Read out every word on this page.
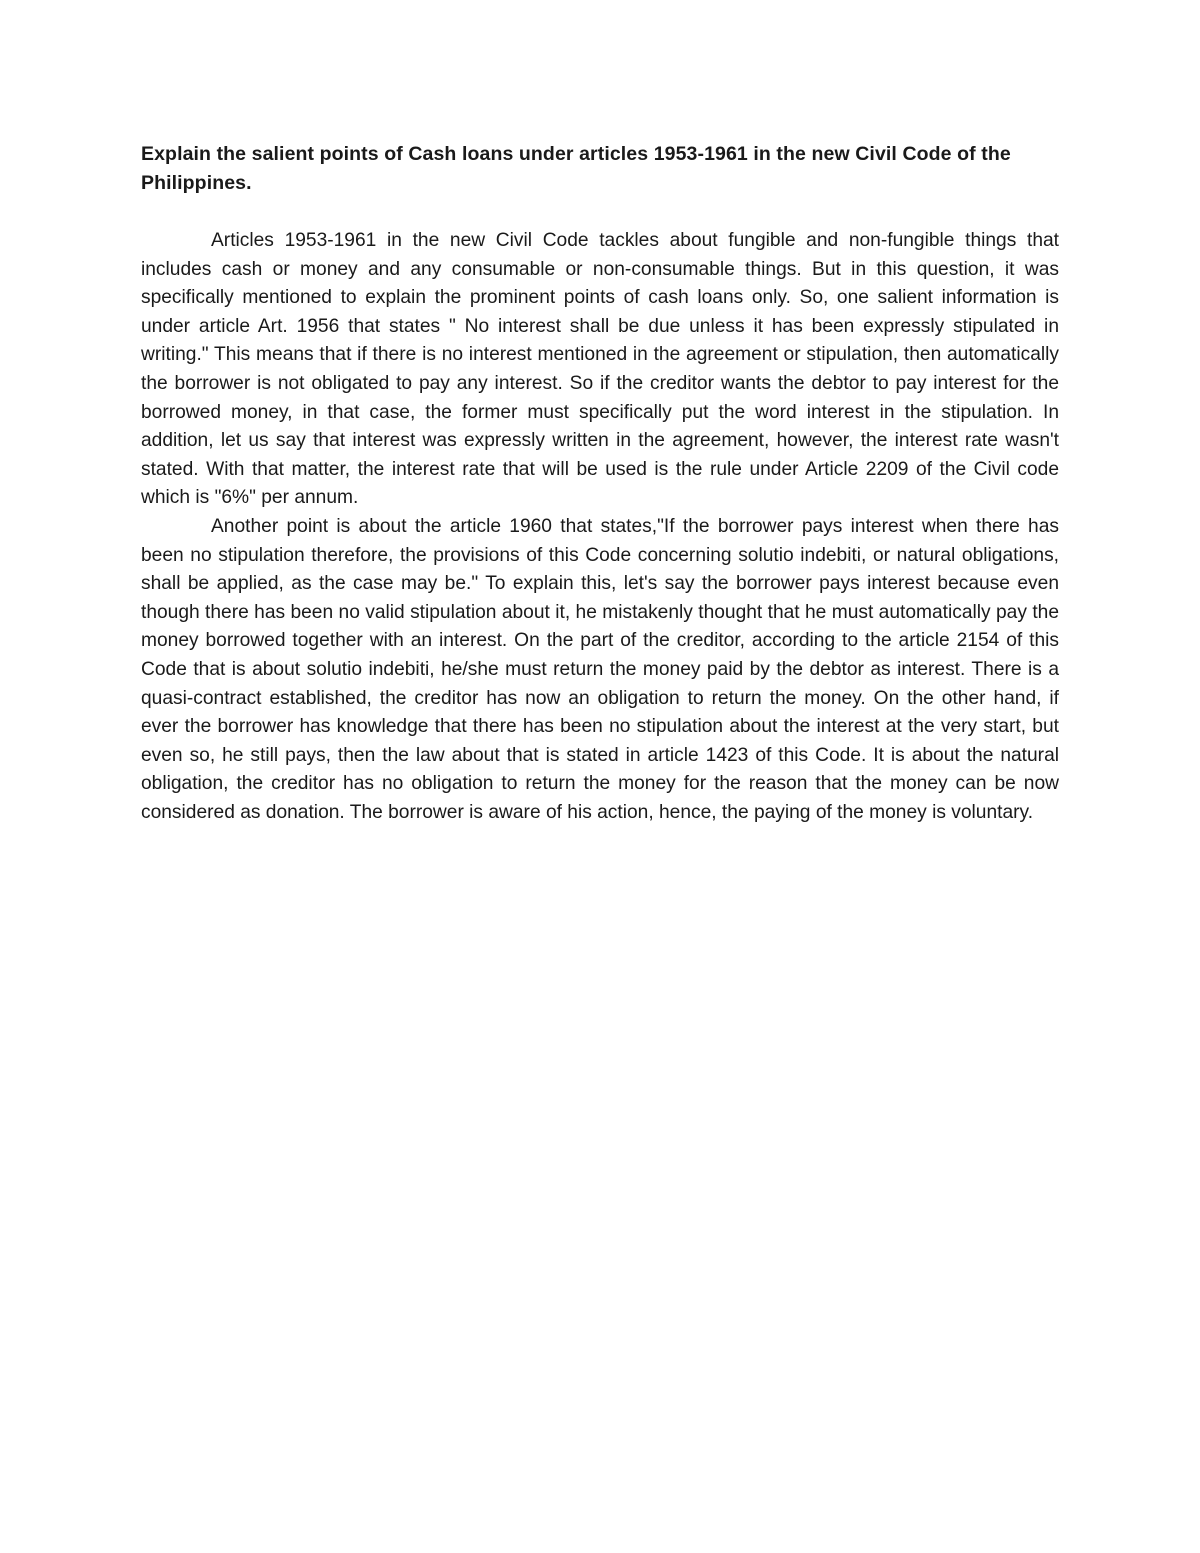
Explain the salient points of Cash loans under articles 1953-1961 in the new Civil Code of the Philippines.

Articles 1953-1961 in the new Civil Code tackles about fungible and non-fungible things that includes cash or money and any consumable or non-consumable things. But in this question, it was specifically mentioned to explain the prominent points of cash loans only. So, one salient information is under article Art. 1956 that states " No interest shall be due unless it has been expressly stipulated in writing." This means that if there is no interest mentioned in the agreement or stipulation, then automatically the borrower is not obligated to pay any interest. So if the creditor wants the debtor to pay interest for the borrowed money, in that case, the former must specifically put the word interest in the stipulation. In addition, let us say that interest was expressly written in the agreement, however, the interest rate wasn't stated. With that matter, the interest rate that will be used is the rule under Article 2209 of the Civil code which is "6%" per annum.

Another point is about the article 1960 that states,"If the borrower pays interest when there has been no stipulation therefore, the provisions of this Code concerning solutio indebiti, or natural obligations, shall be applied, as the case may be." To explain this, let's say the borrower pays interest because even though there has been no valid stipulation about it, he mistakenly thought that he must automatically pay the money borrowed together with an interest. On the part of the creditor, according to the article 2154 of this Code that is about solutio indebiti, he/she must return the money paid by the debtor as interest. There is a quasi-contract established, the creditor has now an obligation to return the money. On the other hand, if ever the borrower has knowledge that there has been no stipulation about the interest at the very start, but even so, he still pays, then the law about that is stated in article 1423 of this Code. It is about the natural obligation, the creditor has no obligation to return the money for the reason that the money can be now considered as donation. The borrower is aware of his action, hence, the paying of the money is voluntary.
